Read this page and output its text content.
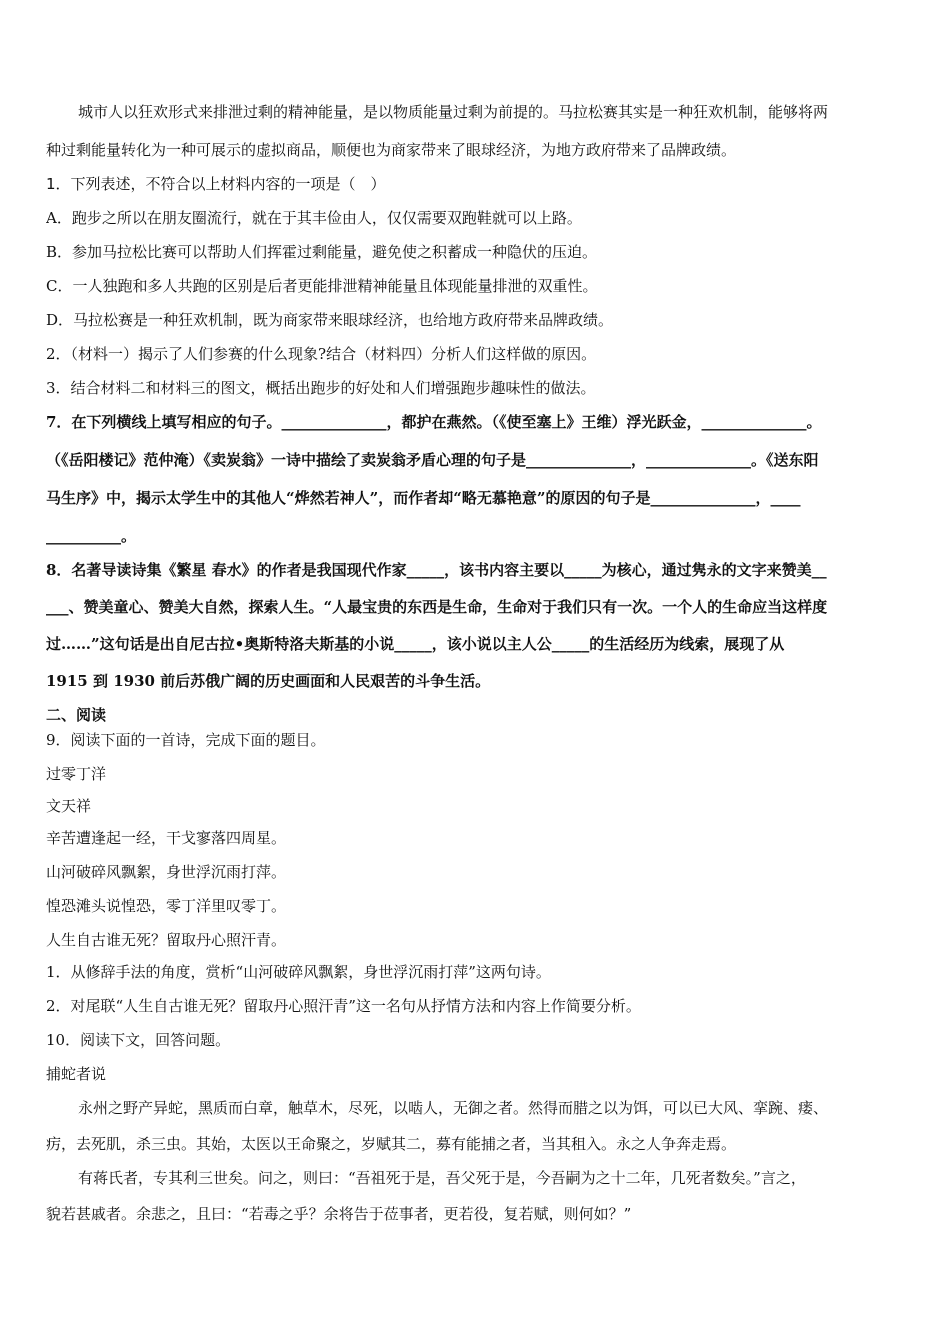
城市人以狂欢形式来排泄过剩的精神能量，是以物质能量过剩为前提的。马拉松赛其实是一种狂欢机制，能够将两
种过剩能量转化为一种可展示的虚拟商品，顺便也为商家带来了眼球经济，为地方政府带来了品牌政绩。
1．下列表述，不符合以上材料内容的一项是（　）
A．跑步之所以在朋友圈流行，就在于其丰俭由人，仅仅需要双跑鞋就可以上路。
B．参加马拉松比赛可以帮助人们挥霍过剩能量，避免使之积蓄成一种隐伏的压迫。
C．一人独跑和多人共跑的区别是后者更能排泄精神能量且体现能量排泄的双重性。
D．马拉松赛是一种狂欢机制，既为商家带来眼球经济，也给地方政府带来品牌政绩。
2．（材料一）揭示了人们参赛的什么现象?结合（材料四）分析人们这样做的原因。
3．结合材料二和材料三的图文，概括出跑步的好处和人们增强跑步趣味性的做法。
7．在下列横线上填写相应的句子。______________，都护在燕然。（《使至塞上》王维）浮光跃金，______________。
（《岳阳楼记》范仲淹）《卖炭翁》一诗中描绘了卖炭翁矛盾心理的句子是______________，______________。《送东阳
马生序》中，揭示太学生中的其他人“烨然若神人”，而作者却“略无慕艳意”的原因的句子是______________，____
__________。
8．名著导读诗集《繁星 春水》的作者是我国现代作家_____，该书内容主要以_____为核心，通过隽永的文字来赞美__
___、赞美童心、赞美大自然，探索人生。“人最宝贵的东西是生命，生命对于我们只有一次。一个人的生命应当这样度
过……”这句话是出自尼古拉•奥斯特洛夫斯基的小说_____，该小说以主人公_____的生活经历为线索，展现了从
1915 到 1930 前后苏俄广阔的历史画面和人民艰苦的斗争生活。
二、阅读
9．阅读下面的一首诗，完成下面的题目。
过零丁洋
文天祥
辛苦遭逢起一经，干戈寥落四周星。
山河破碎风飘絮，身世浮沉雨打萍。
惶恐滩头说惶恐，零丁洋里叹零丁。
人生自古谁无死？留取丹心照汗青。
1．从修辞手法的角度，赏析“山河破碎风飘絮，身世浮沉雨打萍”这两句诗。
2．对尾联“人生自古谁无死？留取丹心照汗青”这一名句从抒情方法和内容上作简要分析。
10．阅读下文，回答问题。
捕蛇者说
永州之野产异蛇，黑质而白章，触草木，尽死，以啮人，无御之者。然得而腊之以为饵，可以已大风、挛踠、瘘、
疠，去死肌，杀三虫。其始，太医以王命聚之，岁赋其二，募有能捕之者，当其租入。永之人争奔走焉。
有蒋氏者，专其利三世矣。问之，则曰：“吾祖死于是，吾父死于是，今吾嗣为之十二年，几死者数矣。”言之，
貌若甚戚者。余悲之，且曰：“若毒之乎？余将告于莅事者，更若役，复若赋，则何如？”
